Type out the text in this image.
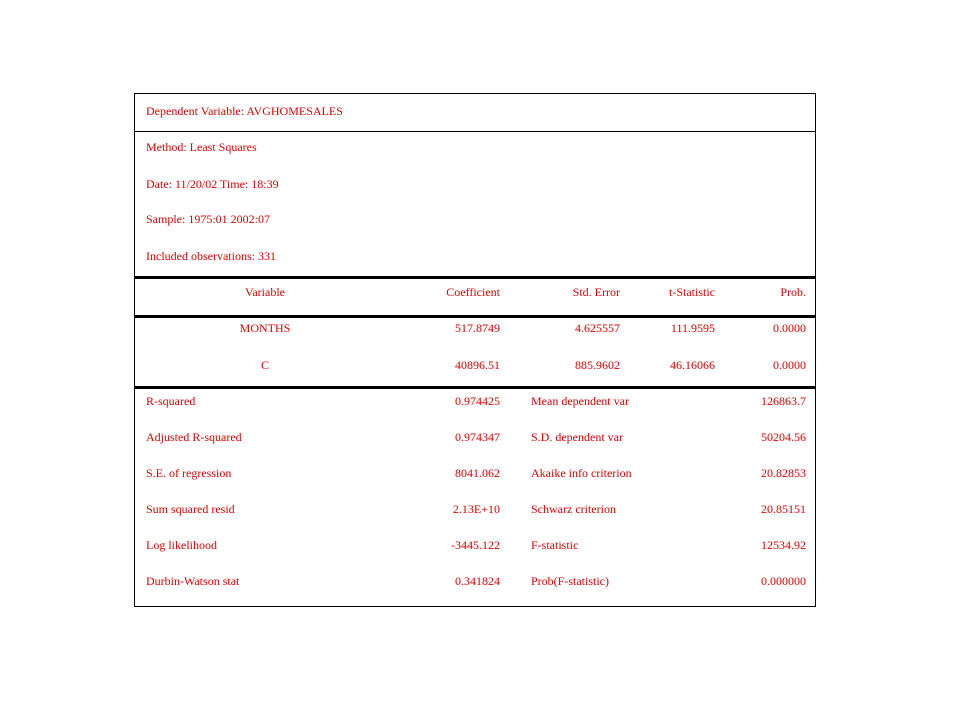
Dependent Variable: AVGHOMESALES
Method: Least Squares
Date: 11/20/02 Time: 18:39
Sample: 1975:01 2002:07
Included observations: 331
Variable	Coefficient	Std. Error	t-Statistic	Prob.
MONTHS	517.8749	4.625557	111.9595	0.0000
C	40896.51	885.9602	46.16066	0.0000
R-squared	0.974425	Mean dependent var	126863.7
Adjusted R-squared	0.974347	S.D. dependent var	50204.56
S.E. of regression	8041.062	Akaike info criterion	20.82853
Sum squared resid	2.13E+10	Schwarz criterion	20.85151
Log likelihood	-3445.122	F-statistic	12534.92
Durbin-Watson stat	0.341824	Prob(F-statistic)	0.000000
